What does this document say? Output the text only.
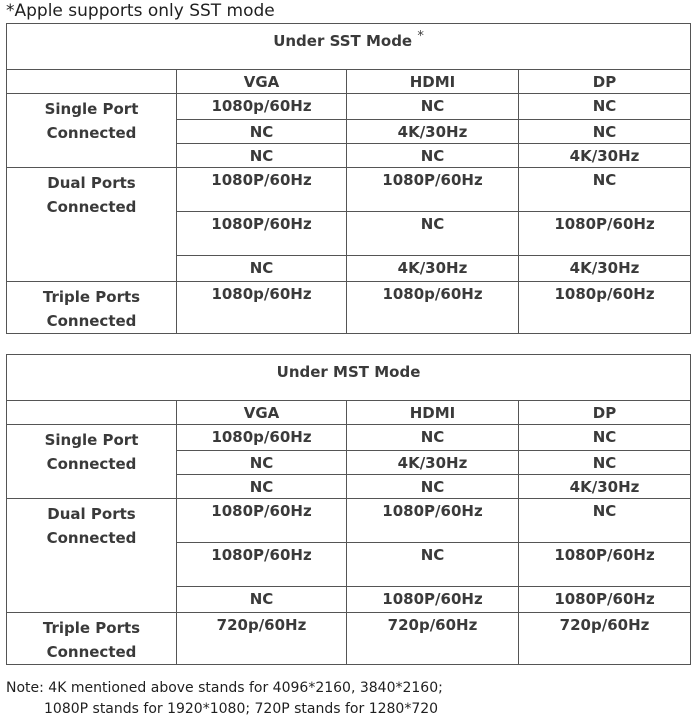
*Apple supports only SST mode
Under SST Mode *			
	VGA	HDMI	DP

Single Port
Connected	1080p/60Hz	NC	NC
	NC	4K/30Hz	NC
	NC	NC	4K/30Hz

Dual Ports
Connected	1080P/60Hz	1080P/60Hz	NC
	1080P/60Hz	NC	1080P/60Hz
	NC	4K/30Hz	4K/30Hz

Triple Ports
Connected	1080p/60Hz	1080p/60Hz	1080p/60Hz
Under MST Mode			
	VGA	HDMI	DP

Single Port
Connected	1080p/60Hz	NC	NC
	NC	4K/30Hz	NC
	NC	NC	4K/30Hz

Dual Ports
Connected	1080P/60Hz	1080P/60Hz	NC
	1080P/60Hz	NC	1080P/60Hz
	NC	1080P/60Hz	1080P/60Hz

Triple Ports
Connected	720p/60Hz	720p/60Hz	720p/60Hz
Note: 4K mentioned above stands for 4096*2160, 3840*2160;
1080P stands for 1920*1080; 720P stands for 1280*720
